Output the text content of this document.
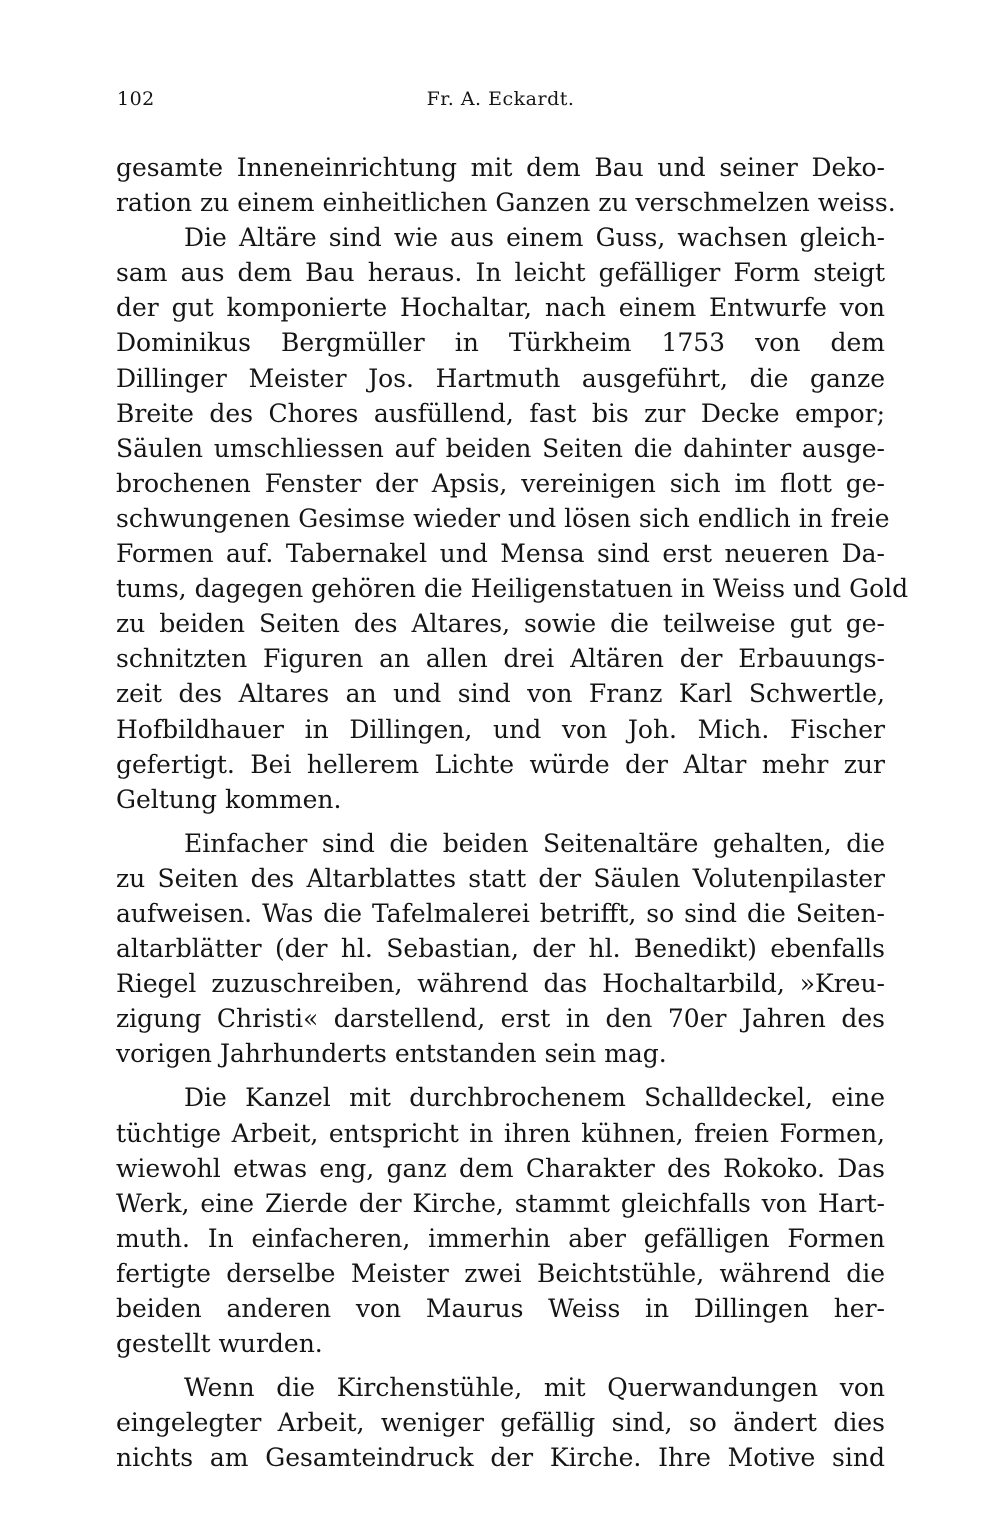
102	Fr. A. Eckardt.
gesamte Inneneinrichtung mit dem Bau und seiner Deko-
ration zu einem einheitlichen Ganzen zu verschmelzen weiss.
Die Altäre sind wie aus einem Guss, wachsen gleich-
sam aus dem Bau heraus. In leicht gefälliger Form steigt
der gut komponierte Hochaltar, nach einem Entwurfe von
Dominikus Bergmüller in Türkheim 1753 von dem
Dillinger Meister Jos. Hartmuth ausgeführt, die ganze
Breite des Chores ausfüllend, fast bis zur Decke empor;
Säulen umschliessen auf beiden Seiten die dahinter ausge-
brochenen Fenster der Apsis, vereinigen sich im flott ge-
schwungenen Gesimse wieder und lösen sich endlich in freie
Formen auf. Tabernakel und Mensa sind erst neueren Da-
tums, dagegen gehören die Heiligenstatuen in Weiss und Gold
zu beiden Seiten des Altares, sowie die teilweise gut ge-
schnitzten Figuren an allen drei Altären der Erbauungs-
zeit des Altares an und sind von Franz Karl Schwertle,
Hofbildhauer in Dillingen, und von Joh. Mich. Fischer
gefertigt. Bei hellerem Lichte würde der Altar mehr zur
Geltung kommen.
Einfacher sind die beiden Seitenaltäre gehalten, die
zu Seiten des Altarblattes statt der Säulen Volutenpilaster
aufweisen. Was die Tafelmalerei betrifft, so sind die Seiten-
altarblätter (der hl. Sebastian, der hl. Benedikt) ebenfalls
Riegel zuzuschreiben, während das Hochaltarbild, »Kreu-
zigung Christi« darstellend, erst in den 70er Jahren des
vorigen Jahrhunderts entstanden sein mag.
Die Kanzel mit durchbrochenem Schalldeckel, eine
tüchtige Arbeit, entspricht in ihren kühnen, freien Formen,
wiewohl etwas eng, ganz dem Charakter des Rokoko. Das
Werk, eine Zierde der Kirche, stammt gleichfalls von Hart-
muth. In einfacheren, immerhin aber gefälligen Formen
fertigte derselbe Meister zwei Beichtstühle, während die
beiden anderen von Maurus Weiss in Dillingen her-
gestellt wurden.
Wenn die Kirchenstühle, mit Querwandungen von
eingelegter Arbeit, weniger gefällig sind, so ändert dies
nichts am Gesamteindruck der Kirche. Ihre Motive sind
